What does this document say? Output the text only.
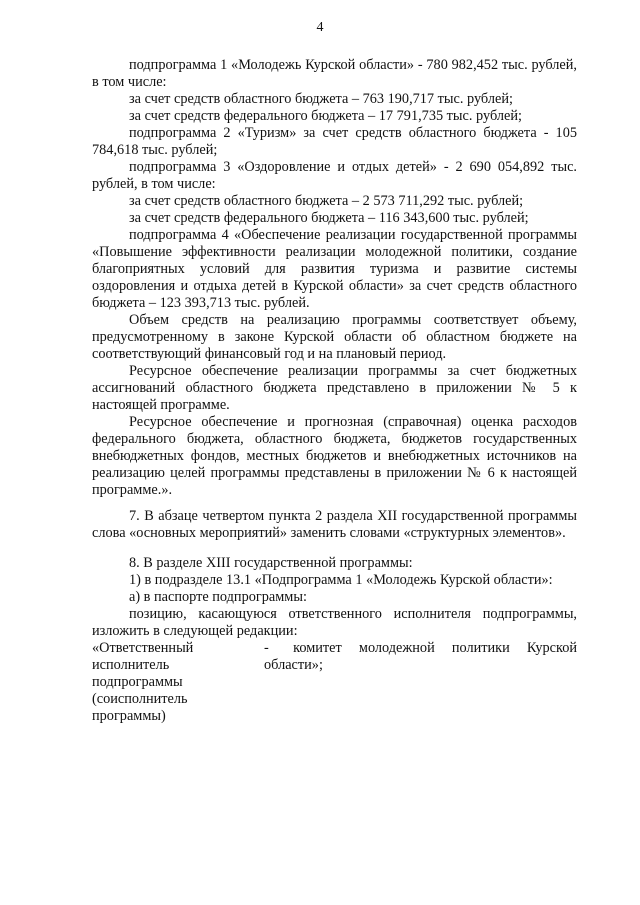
4

подпрограмма 1 «Молодежь Курской области» - 780 982,452 тыс. рублей, в том числе:

за счет средств областного бюджета – 763 190,717 тыс. рублей;

за счет средств федерального бюджета – 17 791,735 тыс. рублей;

подпрограмма 2 «Туризм» за счет средств областного бюджета - 105 784,618 тыс. рублей;

подпрограмма 3 «Оздоровление и отдых детей» - 2 690 054,892 тыс. рублей, в том числе:

за счет средств областного бюджета – 2 573 711,292 тыс. рублей;

за счет средств федерального бюджета – 116 343,600 тыс. рублей;

подпрограмма 4 «Обеспечение реализации государственной программы «Повышение эффективности реализации молодежной политики, создание благоприятных условий для развития туризма и развитие системы оздоровления и отдыха детей в Курской области» за счет средств областного бюджета – 123 393,713 тыс. рублей.

Объем средств на реализацию программы соответствует объему, предусмотренному в законе Курской области об областном бюджете на соответствующий финансовый год и на плановый период.

Ресурсное обеспечение реализации программы за счет бюджетных ассигнований областного бюджета представлено в приложении № 5 к настоящей программе.

Ресурсное обеспечение и прогнозная (справочная) оценка расходов федерального бюджета, областного бюджета, бюджетов государственных внебюджетных фондов, местных бюджетов и внебюджетных источников на реализацию целей программы представлены в приложении № 6 к настоящей программе.».

7. В абзаце четвертом пункта 2 раздела XII государственной программы слова «основных мероприятий» заменить словами «структурных элементов».

8. В разделе XIII государственной программы:

1) в подразделе 13.1 «Подпрограмма 1 «Молодежь Курской области»:

а) в паспорте подпрограммы:

позицию, касающуюся ответственного исполнителя подпрограммы, изложить в следующей редакции:

«Ответственный
исполнитель
подпрограммы
(соисполнитель
программы)
- комитет молодежной политики Курской области»;
